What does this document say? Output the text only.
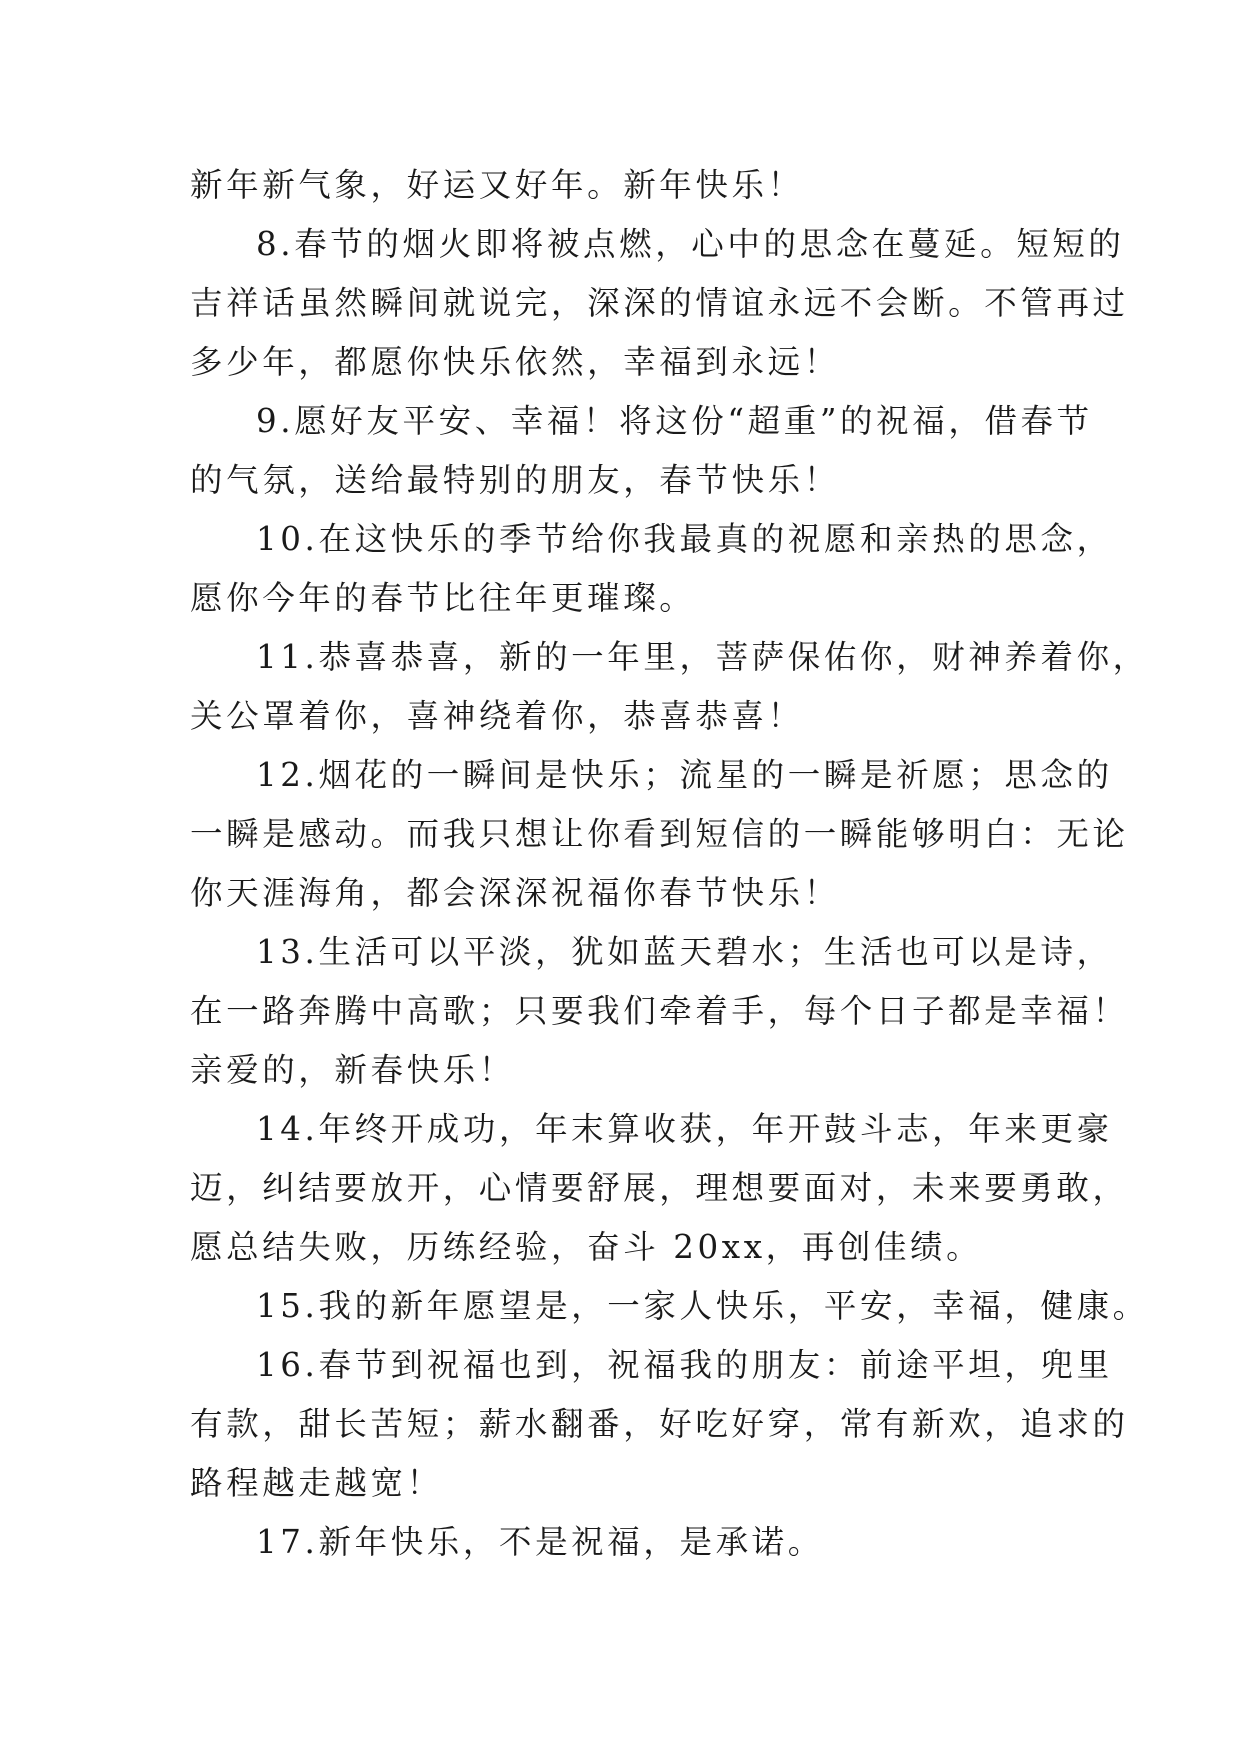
新年新气象，好运又好年。新年快乐！

8.春节的烟火即将被点燃，心中的思念在蔓延。短短的

吉祥话虽然瞬间就说完，深深的情谊永远不会断。不管再过

多少年，都愿你快乐依然，幸福到永远！

9.愿好友平安、幸福！将这份“超重”的祝福，借春节

的气氛，送给最特别的朋友，春节快乐！

10.在这快乐的季节给你我最真的祝愿和亲热的思念，

愿你今年的春节比往年更璀璨。

11.恭喜恭喜，新的一年里，菩萨保佑你，财神养着你，

关公罩着你，喜神绕着你，恭喜恭喜！

12.烟花的一瞬间是快乐；流星的一瞬是祈愿；思念的

一瞬是感动。而我只想让你看到短信的一瞬能够明白：无论

你天涯海角，都会深深祝福你春节快乐！

13.生活可以平淡，犹如蓝天碧水；生活也可以是诗，

在一路奔腾中高歌；只要我们牵着手，每个日子都是幸福！

亲爱的，新春快乐！

14.年终开成功，年末算收获，年开鼓斗志，年来更豪

迈，纠结要放开，心情要舒展，理想要面对，未来要勇敢，

愿总结失败，历练经验，奋斗 20xx，再创佳绩。

15.我的新年愿望是，一家人快乐，平安，幸福，健康。

16.春节到祝福也到，祝福我的朋友：前途平坦，兜里

有款，甜长苦短；薪水翻番，好吃好穿，常有新欢，追求的

路程越走越宽！

17.新年快乐，不是祝福，是承诺。
